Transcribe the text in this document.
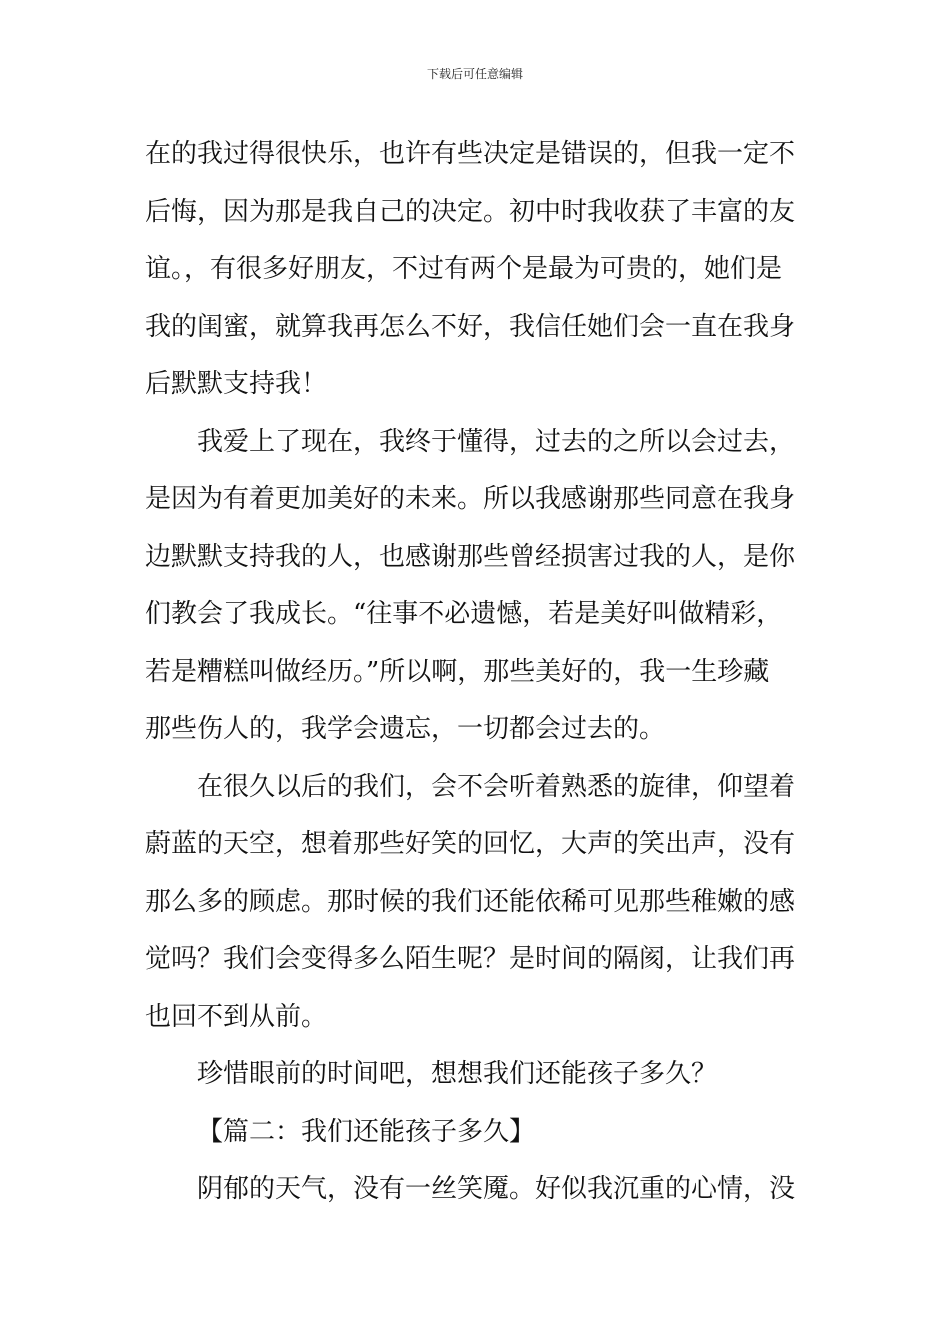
下载后可任意编辑
在的我过得很快乐，也许有些决定是错误的，但我一定不
后悔，因为那是我自己的决定。初中时我收获了丰富的友
谊。，有很多好朋友，不过有两个是最为可贵的，她们是
我的闺蜜，就算我再怎么不好，我信任她们会一直在我身
后默默支持我！
我爱上了现在，我终于懂得，过去的之所以会过去，
是因为有着更加美好的未来。所以我感谢那些同意在我身
边默默支持我的人，也感谢那些曾经损害过我的人，是你
们教会了我成长。“往事不必遗憾，若是美好叫做精彩，
若是糟糕叫做经历。”所以啊，那些美好的，我一生珍藏
那些伤人的，我学会遗忘，一切都会过去的。
在很久以后的我们，会不会听着熟悉的旋律，仰望着
蔚蓝的天空，想着那些好笑的回忆，大声的笑出声，没有
那么多的顾虑。那时候的我们还能依稀可见那些稚嫩的感
觉吗？我们会变得多么陌生呢？是时间的隔阂，让我们再
也回不到从前。
珍惜眼前的时间吧，想想我们还能孩子多久？
【篇二：我们还能孩子多久】
阴郁的天气，没有一丝笑魇。好似我沉重的心情，没
